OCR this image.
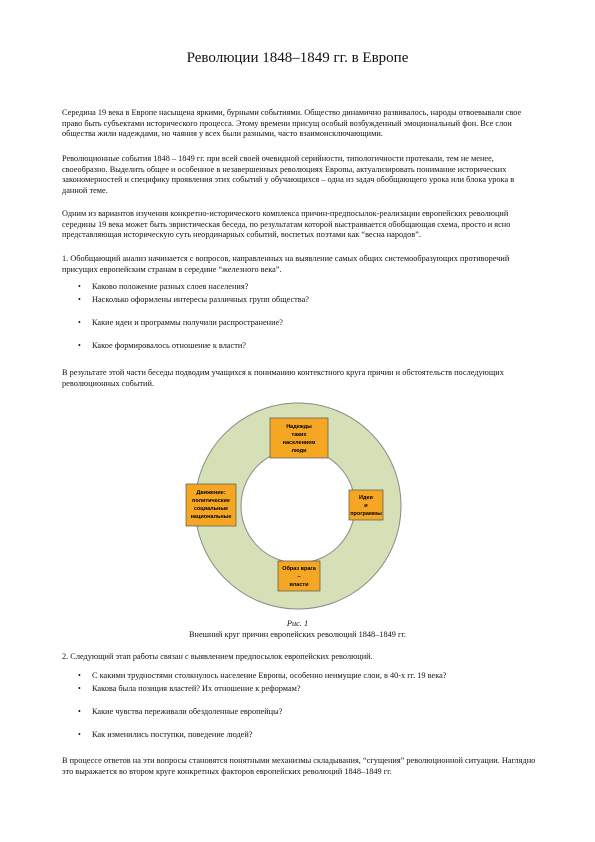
Революции 1848–1849 гг. в Европе

Середина 19 века в Европе насыщена яркими, бурными событиями. Общество динамично развивалось, народы отвоевывали свое право быть субъектами исторического процесса. Этому времени присущ особый возбужденный эмоциональный фон. Все слои общества жили надеждами, но чаяния у всех были разными, часто взаимоисключающими.

Революционные события 1848 – 1849 гг. при всей своей очевидной серийности, типологичности протекали, тем не менее, своеобразно. Выделить общее и особенное в незавершенных революциях Европы, актуализировать понимание исторических закономерностей и специфику проявления этих событий у обучающихся – одна из задач обобщающего урока или блока урока в данной теме.

Одним из вариантов изучения конкретно-исторического комплекса причин-предпосылок-реализации европейских революций середины 19 века может быть эвристическая беседа, по результатам которой выстраивается обобщающая схема, просто и ясно представляющая историческую суть неординарных событий, воспетых поэтами как “весна народов”.

1. Обобщающий анализ начинается с вопросов, направленных на выявление самых общих системообразующих противоречий присущих европейским странам в середине “железного века”.

• Каково положение разных слоев населения?
• Насколько оформлены интересы различных групп общества?
• Какие идеи и программы получили распространение?
• Какое формировалось отношение к власти?

В результате этой части беседы подводим учащихся к пониманию контекстного круга причин и обстоятельств последующих революционных событий.

Надежды
таких
населением
люди
Идеи
и
программы
Образ врага
–
власти
Движение:
политические
социальные
национальные
Рис. 1
Внешний круг причин европейских революций 1848–1849 гг.

2. Следующий этап работы связан с выявлением предпосылок европейских революций.

• С какими трудностями столкнулось население Европы, особенно неимущие слои, в 40-х гг. 19 века?
• Какова была позиция властей? Их отношение к реформам?
• Какие чувства переживали обездоленные европейцы?
• Как изменились поступки, поведение людей?

В процессе ответов на эти вопросы становятся понятными механизмы складывания, “сгущения” революционной ситуации. Наглядно это выражается во втором круге конкретных факторов европейских революций 1848–1849 гг.
